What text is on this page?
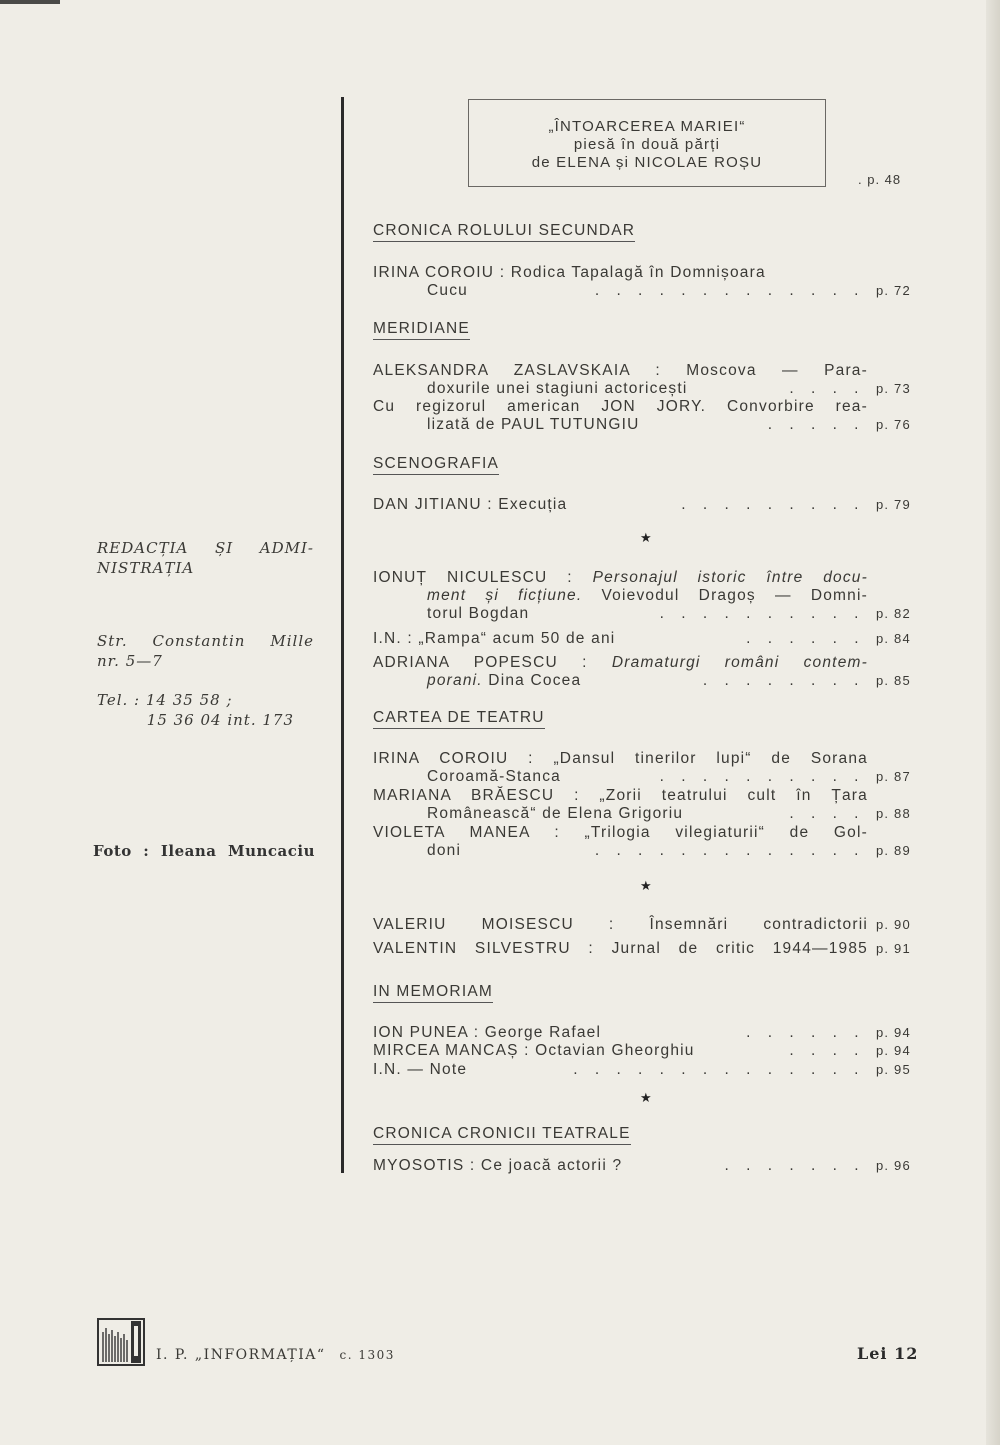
REDACȚIA ȘI ADMI-
NISTRAȚIA
Str. Constantin Mille
nr. 5—7
Tel. : 14 35 58 ;
15 36 04 int. 173
Foto : Ileana Muncaciu
„ÎNTOARCEREA MARIEI“
piesă în două părți
de ELENA și NICOLAE ROȘU
. p. 48
CRONICA ROLULUI SECUNDAR
IRINA COROIU : Rodica Tapalagă în Domnișoara
Cucu	. . . . . . . . . . . . . p. 72
MERIDIANE
ALEKSANDRA ZASLAVSKAIA : Moscova — Para-
doxurile unei stagiuni actoricești	. . . . p. 73
Cu regizorul american JON JORY. Convorbire rea-
lizată de PAUL TUTUNGIU	. . . . . p. 76
SCENOGRAFIA
DAN JITIANU : Execuția	. . . . . . . . . p. 79
★
IONUȚ NICULESCU : Personajul istoric între docu-
ment și ficțiune. Voievodul Dragoș — Domni-
torul Bogdan	. . . . . . . . . . p. 82
I.N. : „Rampa“ acum 50 de ani	. . . . . . p. 84
ADRIANA POPESCU : Dramaturgi români contem-
porani. Dina Cocea	. . . . . . . . p. 85
CARTEA DE TEATRU
IRINA COROIU : „Dansul tinerilor lupi“ de Sorana
Coroamă-Stanca	. . . . . . . . . . p. 87
MARIANA BRĂESCU : „Zorii teatrului cult în Țara
Românească“ de Elena Grigoriu	. . . . p. 88
VIOLETA MANEA : „Trilogia vilegiaturii“ de Gol-
doni	. . . . . . . . . . . . . p. 89
★
VALERIU MOISESCU : Însemnări contradictorii p. 90
VALENTIN SILVESTRU : Jurnal de critic 1944—1985 p. 91
IN MEMORIAM
ION PUNEA : George Rafael	. . . . . . p. 94
MIRCEA MANCAȘ : Octavian Gheorghiu	. . . . p. 94
I.N. — Note	. . . . . . . . . . . . . . p. 95
★
CRONICA CRONICII TEATRALE
MYOSOTIS : Ce joacă actorii ?	. . . . . . . p. 96
I. P. „INFORMAȚIA“ c. 1303	Lei 12
